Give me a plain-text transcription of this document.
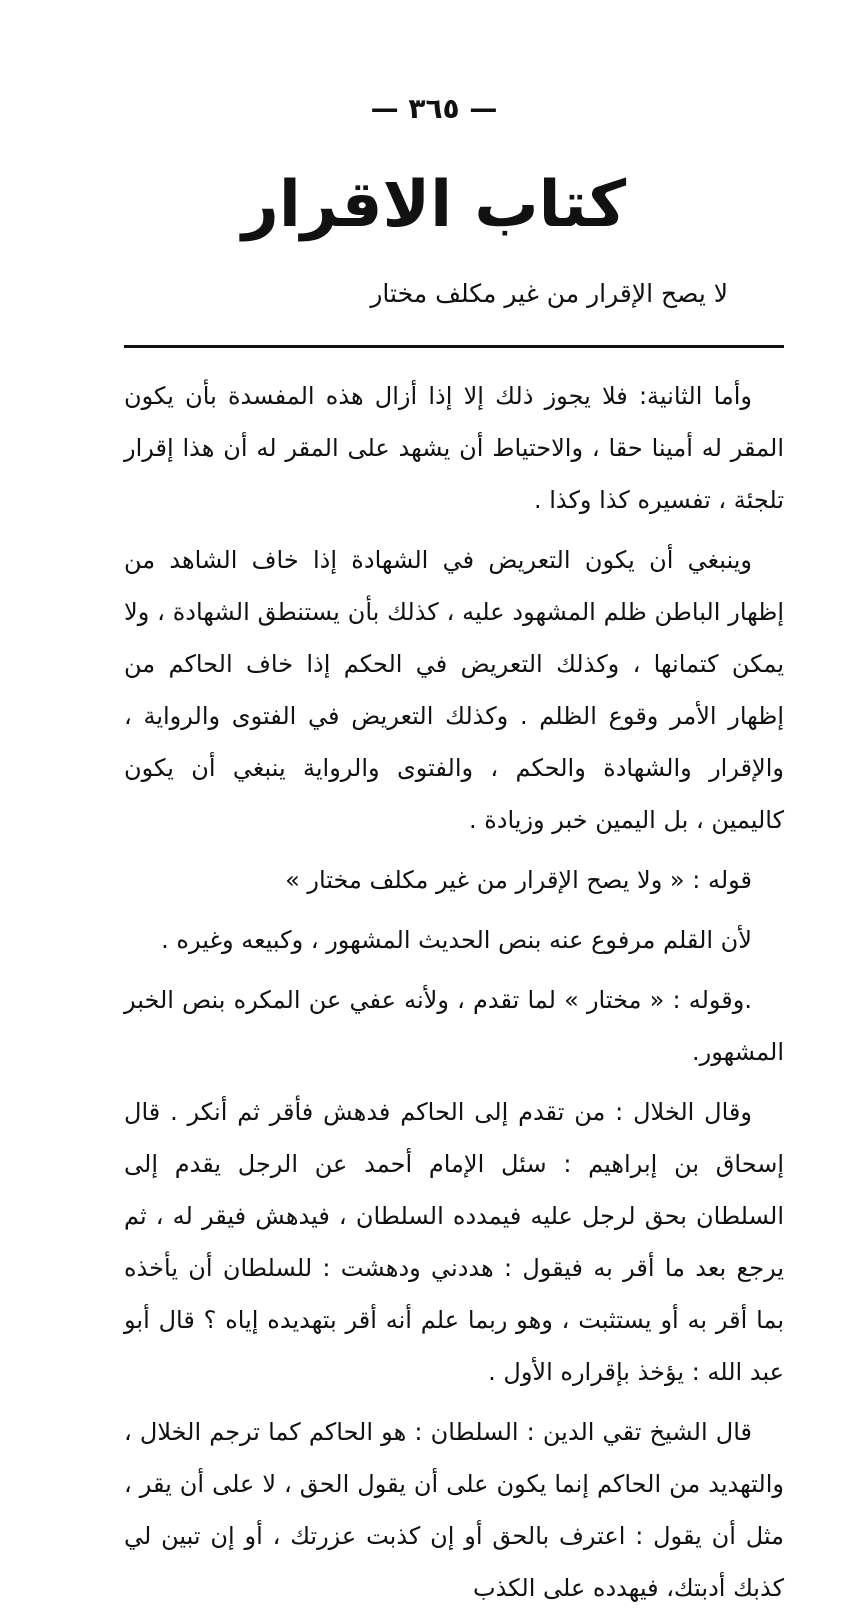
— ٣٦٥ —
كتاب الاقرار
لا يصح الإقرار من غير مكلف مختار

وأما الثانية: فلا يجوز ذلك إلا إذا أزال هذه المفسدة بأن يكون المقر له أمينا حقا ، والاحتياط أن يشهد على المقر له أن هذا إقرار تلجئة ، تفسيره كذا وكذا .

وينبغي أن يكون التعريض في الشهادة إذا خاف الشاهد من إظهار الباطن ظلم المشهود عليه ، كذلك بأن يستنطق الشهادة ، ولا يمكن كتمانها ، وكذلك التعريض في الحكم إذا خاف الحاكم من إظهار الأمر وقوع الظلم . وكذلك التعريض في الفتوى والرواية ، والإقرار والشهادة والحكم ، والفتوى والرواية ينبغي أن يكون كاليمين ، بل اليمين خبر وزيادة .

قوله : « ولا يصح الإقرار من غير مكلف مختار »

لأن القلم مرفوع عنه بنص الحديث المشهور ، وكبيعه وغيره .

.وقوله : « مختار » لما تقدم ، ولأنه عفي عن المكره بنص الخبر المشهور.

وقال الخلال : من تقدم إلى الحاكم فدهش فأقر ثم أنكر . قال إسحاق بن إبراهيم : سئل الإمام أحمد عن الرجل يقدم إلى السلطان بحق لرجل عليه فيمدده السلطان ، فيدهش فيقر له ، ثم يرجع بعد ما أقر به فيقول : هددني ودهشت : للسلطان أن يأخذه بما أقر به أو يستثبت ، وهو ربما علم أنه أقر بتهديده إياه ؟ قال أبو عبد الله : يؤخذ بإقراره الأول .

قال الشيخ تقي الدين : السلطان : هو الحاكم كما ترجم الخلال ، والتهديد من الحاكم إنما يكون على أن يقول الحق ، لا على أن يقر ، مثل أن يقول : اعترف بالحق أو إن كذبت عزرتك ، أو إن تبين لي كذبك أدبتك، فيهدده على الكذب
